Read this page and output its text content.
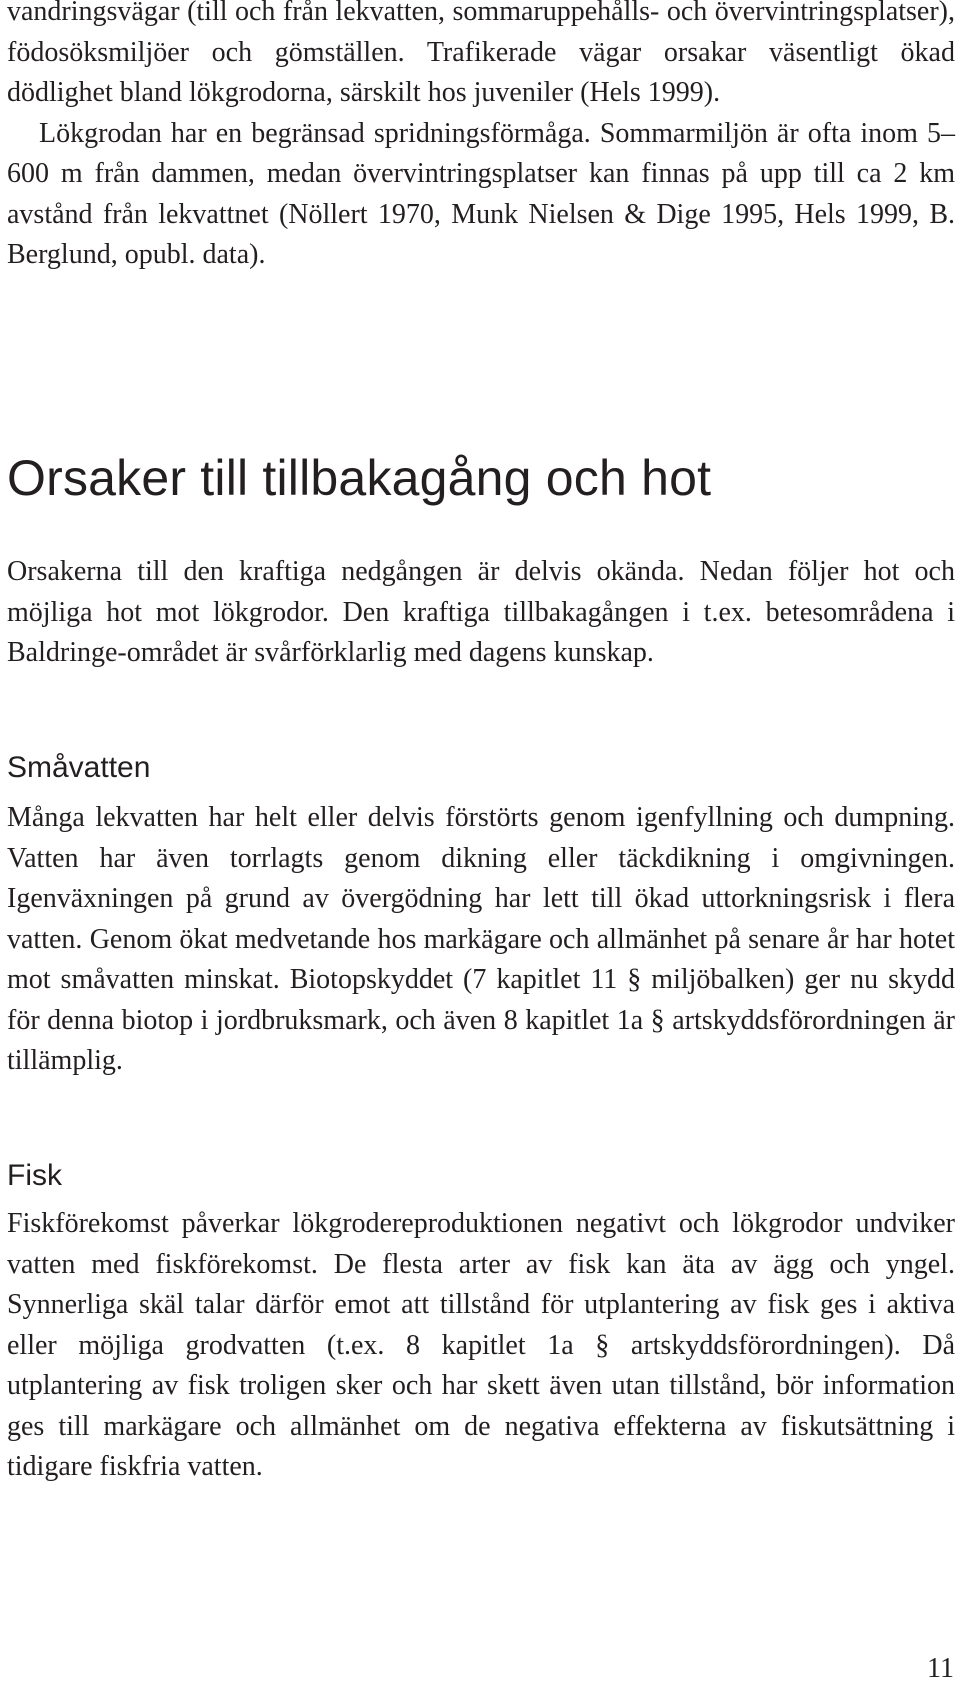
vandringsvägar (till och från lekvatten, sommaruppehålls- och övervintringsplatser), födosöksmiljöer och gömställen. Trafikerade vägar orsakar väsentligt ökad dödlighet bland lökgrodorna, särskilt hos juveniler (Hels 1999).

Lökgrodan har en begränsad spridningsförmåga. Sommarmiljön är ofta inom 5–600 m från dammen, medan övervintringsplatser kan finnas på upp till ca 2 km avstånd från lekvattnet (Nöllert 1970, Munk Nielsen & Dige 1995, Hels 1999, B. Berglund, opubl. data).

Orsaker till tillbakagång och hot

Orsakerna till den kraftiga nedgången är delvis okända. Nedan följer hot och möjliga hot mot lökgrodor. Den kraftiga tillbakagången i t.ex. betesområdena i Baldringe-området är svårförklarlig med dagens kunskap.

Småvatten

Många lekvatten har helt eller delvis förstörts genom igenfyllning och dumpning. Vatten har även torrlagts genom dikning eller täckdikning i omgivningen. Igenväxningen på grund av övergödning har lett till ökad uttorkningsrisk i flera vatten. Genom ökat medvetande hos markägare och allmänhet på senare år har hotet mot småvatten minskat. Biotopskyddet (7 kapitlet 11 § miljöbalken) ger nu skydd för denna biotop i jordbruksmark, och även 8 kapitlet 1a § artskyddsförordningen är tillämplig.

Fisk

Fiskförekomst påverkar lökgrodereproduktionen negativt och lökgrodor undviker vatten med fiskförekomst. De flesta arter av fisk kan äta av ägg och yngel. Synnerliga skäl talar därför emot att tillstånd för utplantering av fisk ges i aktiva eller möjliga grodvatten (t.ex. 8 kapitlet 1a § artskyddsförordningen). Då utplantering av fisk troligen sker och har skett även utan tillstånd, bör information ges till markägare och allmänhet om de negativa effekterna av fiskutsättning i tidigare fiskfria vatten.

11
